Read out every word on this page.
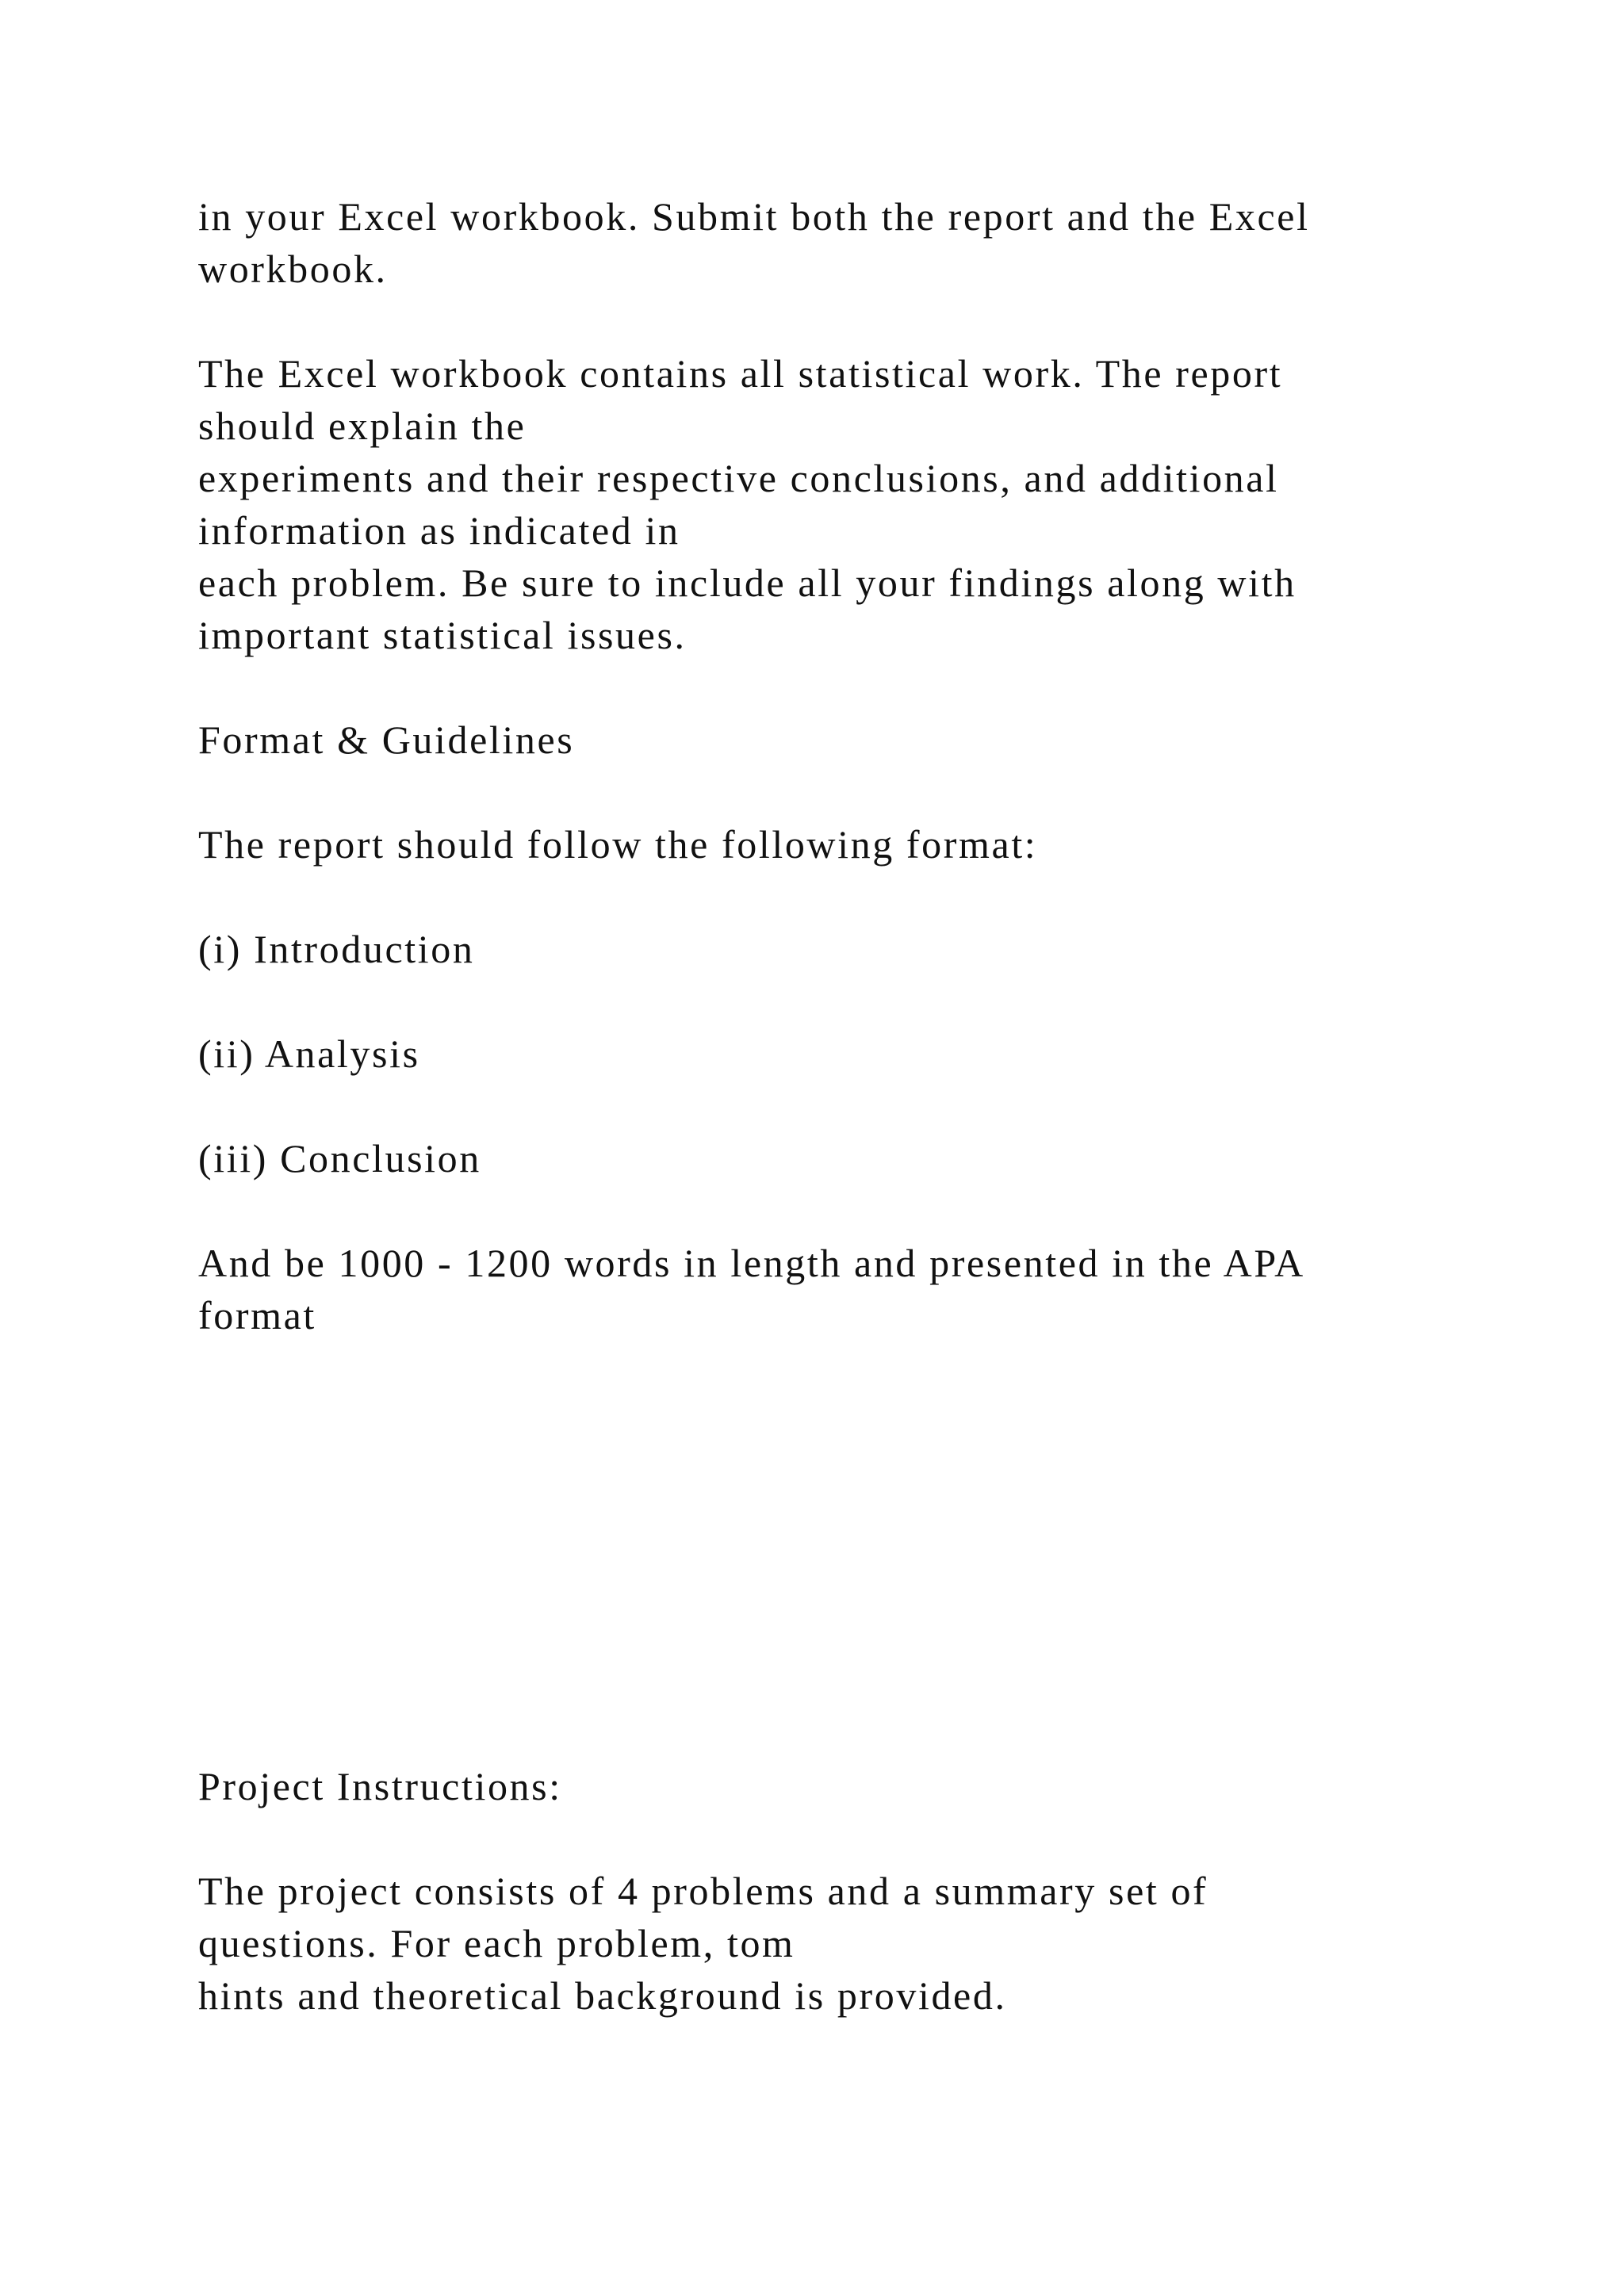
in your Excel workbook. Submit both the report and the Excel
workbook.
The Excel workbook contains all statistical work. The report
should explain the
experiments and their respective conclusions, and additional
information as indicated in
each problem. Be sure to include all your findings along with
important statistical issues.
Format & Guidelines
The report should follow the following format:
(i) Introduction
(ii) Analysis
(iii) Conclusion
And be 1000 - 1200 words in length and presented in the APA
format
Project Instructions:
The project consists of 4 problems and a summary set of
questions. For each problem, tom
hints and theoretical background is provided.
